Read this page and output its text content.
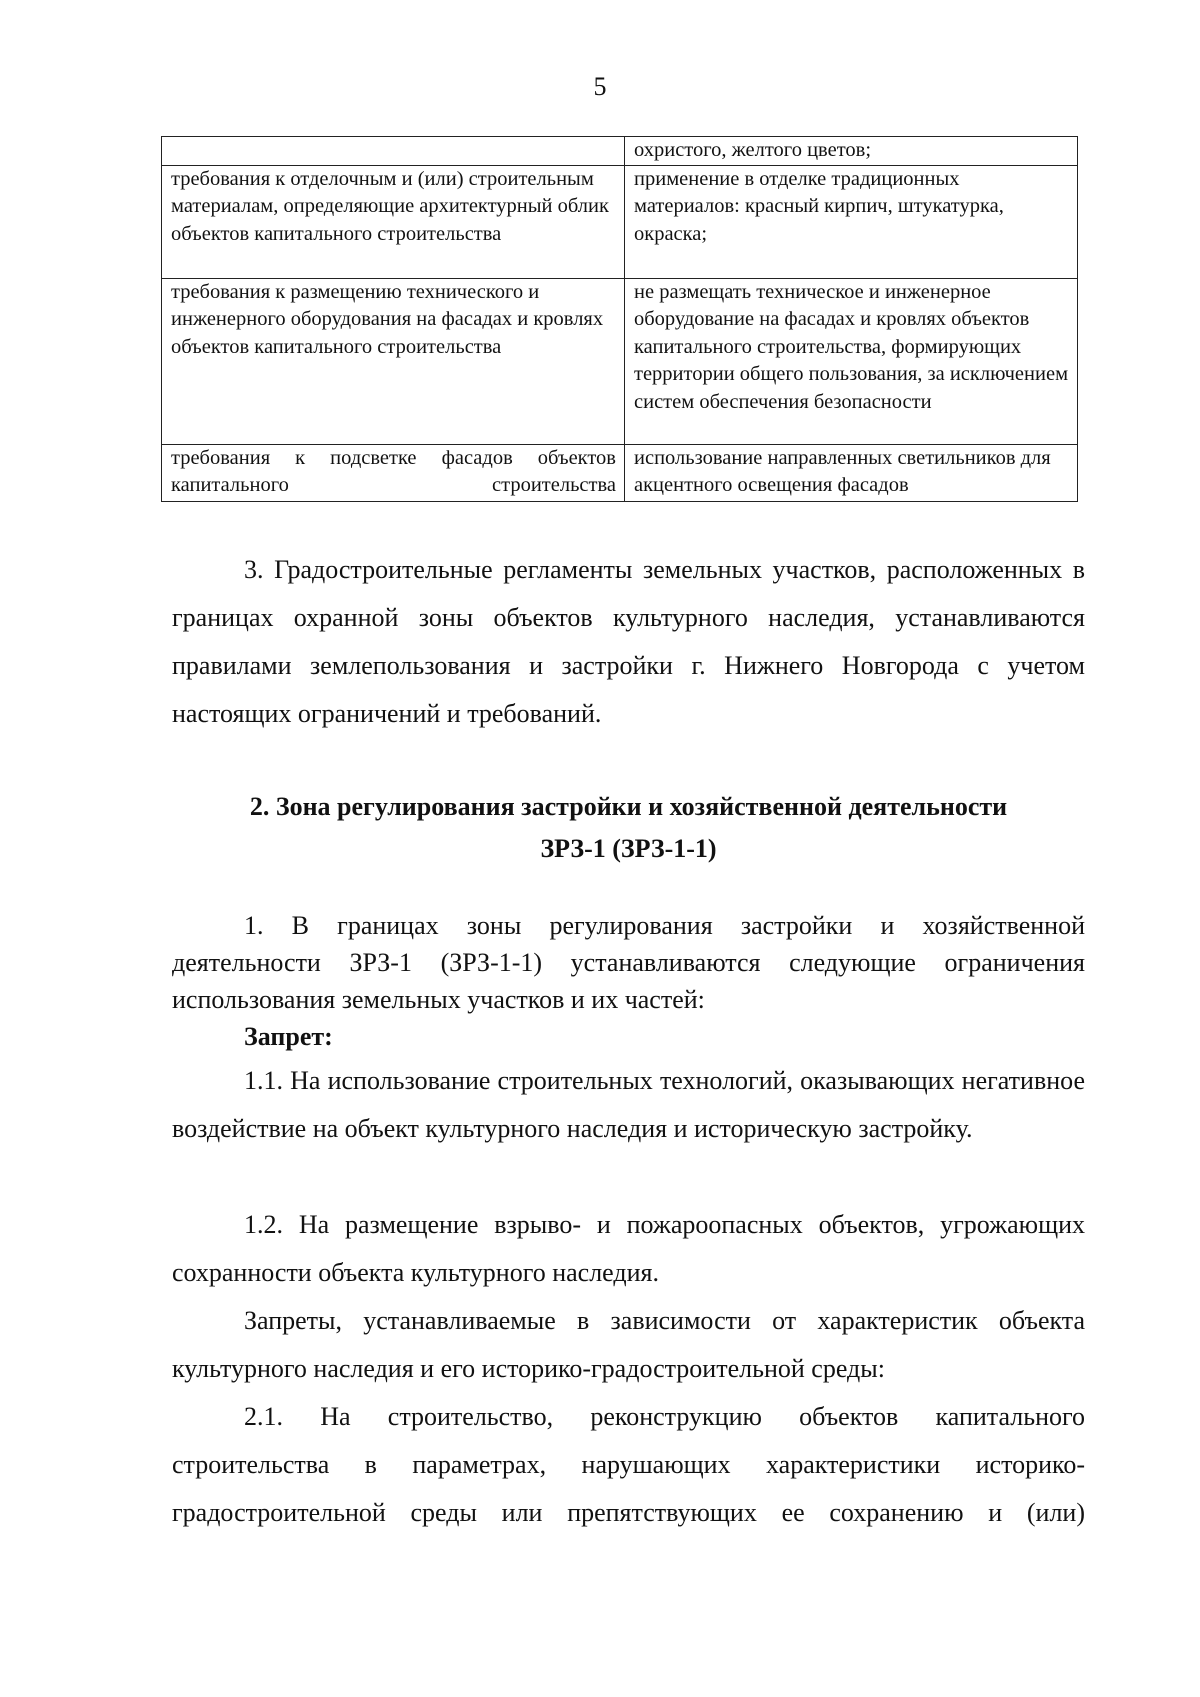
5
	охристого, желтого цветов;
требования к отделочным и (или) строительным материалам, определяющие архитектурный облик объектов капитального строительства	применение в отделке традиционных материалов: красный кирпич, штукатурка, окраска;
требования к размещению технического и инженерного оборудования на фасадах и кровлях объектов капитального строительства	не размещать техническое и инженерное оборудование на фасадах и кровлях объектов капитального строительства, формирующих территории общего пользования, за исключением систем обеспечения безопасности

требования к подсветке фасадов объектов капитального строительства	использование направленных светильников для акцентного освещения фасадов

3. Градостроительные регламенты земельных участков, расположенных в границах охранной зоны объектов культурного наследия, устанавливаются правилами землепользования и застройки г. Нижнего Новгорода с учетом настоящих ограничений и требований.

2. Зона регулирования застройки и хозяйственной деятельности
ЗРЗ-1 (ЗРЗ-1-1)

1. В границах зоны регулирования застройки и хозяйственной деятельности ЗРЗ-1 (ЗРЗ-1-1) устанавливаются следующие ограничения использования земельных участков и их частей:

Запрет:

1.1. На использование строительных технологий, оказывающих негативное воздействие на объект культурного наследия и историческую застройку.

1.2. На размещение взрыво- и пожароопасных объектов, угрожающих сохранности объекта культурного наследия.

Запреты, устанавливаемые в зависимости от характеристик объекта культурного наследия и его историко-градостроительной среды:

2.1. На строительство, реконструкцию объектов капитального строительства в параметрах, нарушающих характеристики историко-градостроительной среды или препятствующих ее сохранению и (или)
